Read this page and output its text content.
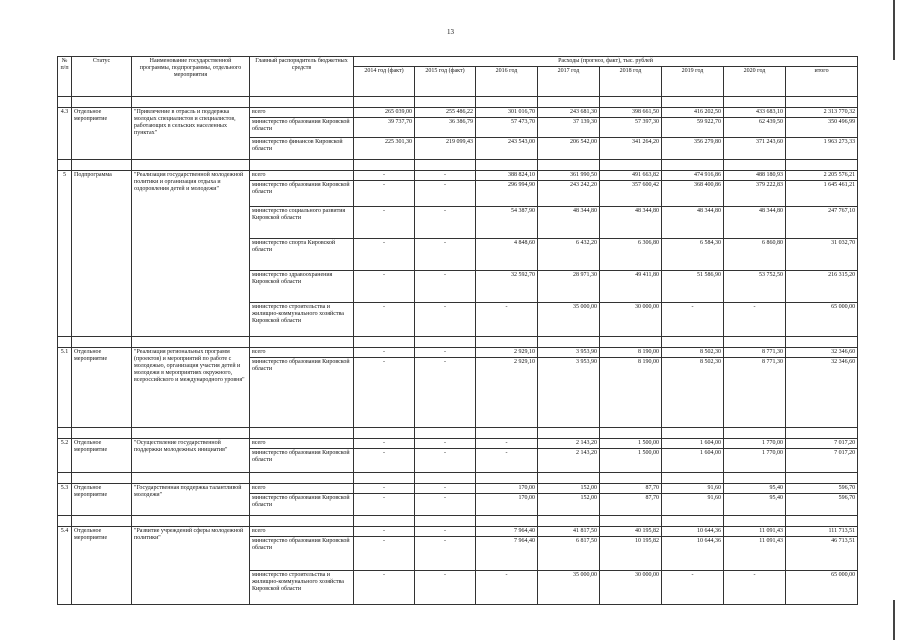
13
№ п/п	Статус	Наименование государственной программы, подпрограммы, отдельного мероприятия	Главный распорядитель бюджетных средств	Расходы (прогноз, факт), тыс. рублей							
				2014 год (факт)	2015 год (факт)	2016 год	2017 год	2018 год	2019 год	2020 год	итого

4.3	Отдельное мероприятие	"Привлечение в отрасль и поддержка молодых специалистов и специалистов, работающих в сельских населенных пунктах"	всего	265 039,00	255 486,22	301 016,70	243 681,30	398 661,50	416 202,50	433 683,10	2 313 770,32
			министерство образования Кировской области	39 737,70	36 386,79	57 473,70	37 139,30	57 397,30	59 922,70	62 439,50	350 496,99
			министерство финансов Кировской области	225 301,30	219 099,43	243 543,00	206 542,00	341 264,20	356 279,80	371 243,60	1 963 273,33

5	Подпрограмма	"Реализация государственной молодежной политики и организация отдыха и оздоровления детей и молодежи"	всего	-	-	388 824,10	361 990,50	491 663,82	474 916,86	488 180,93	2 205 576,21
			министерство образования Кировской области	-	-	296 994,90	243 242,20	357 600,42	368 400,86	379 222,83	1 645 461,21
			министерство социального развития Кировской области	-	-	54 387,90	48 344,80	48 344,80	48 344,80	48 344,80	247 767,10
			министерство спорта Кировской области	-	-	4 848,60	6 432,20	6 306,80	6 584,30	6 860,80	31 032,70
			министерство здравоохранения Кировской области	-	-	32 592,70	28 971,30	49 411,80	51 586,90	53 752,50	216 315,20
			министерство строительства и жилищно-коммунального хозяйства Кировской области	-	-	-	35 000,00	30 000,00	-	-	65 000,00

5.1	Отдельное мероприятие	"Реализация региональных программ (проектов) и мероприятий по работе с молодежью, организация участия детей и молодежи в мероприятиях окружного, всероссийского и международного уровня"	всего	-	-	2 929,10	3 953,90	8 190,00	8 502,30	8 771,30	32 346,60
			министерство образования Кировской области	-	-	2 929,10	3 953,90	8 190,00	8 502,30	8 771,30	32 346,60

5.2	Отдельное мероприятие	"Осуществление государственной поддержки молодежных инициатив"	всего	-	-	-	2 143,20	1 500,00	1 604,00	1 770,00	7 017,20
			министерство образования Кировской области	-	-	-	2 143,20	1 500,00	1 604,00	1 770,00	7 017,20

5.3	Отдельное мероприятие	"Государственная поддержка талантливой молодежи"	всего	-	-	170,00	152,00	87,70	91,60	95,40	596,70
			министерство образования Кировской области	-	-	170,00	152,00	87,70	91,60	95,40	596,70

5.4	Отдельное мероприятие	"Развитие учреждений сферы молодежной политики"	всего	-	-	7 964,40	41 817,50	40 195,82	10 644,36	11 091,43	111 713,51
			министерство образования Кировской области	-	-	7 964,40	6 817,50	10 195,82	10 644,36	11 091,43	46 713,51
			министерство строительства и жилищно-коммунального хозяйства Кировской области	-	-	-	35 000,00	30 000,00	-	-	65 000,00
